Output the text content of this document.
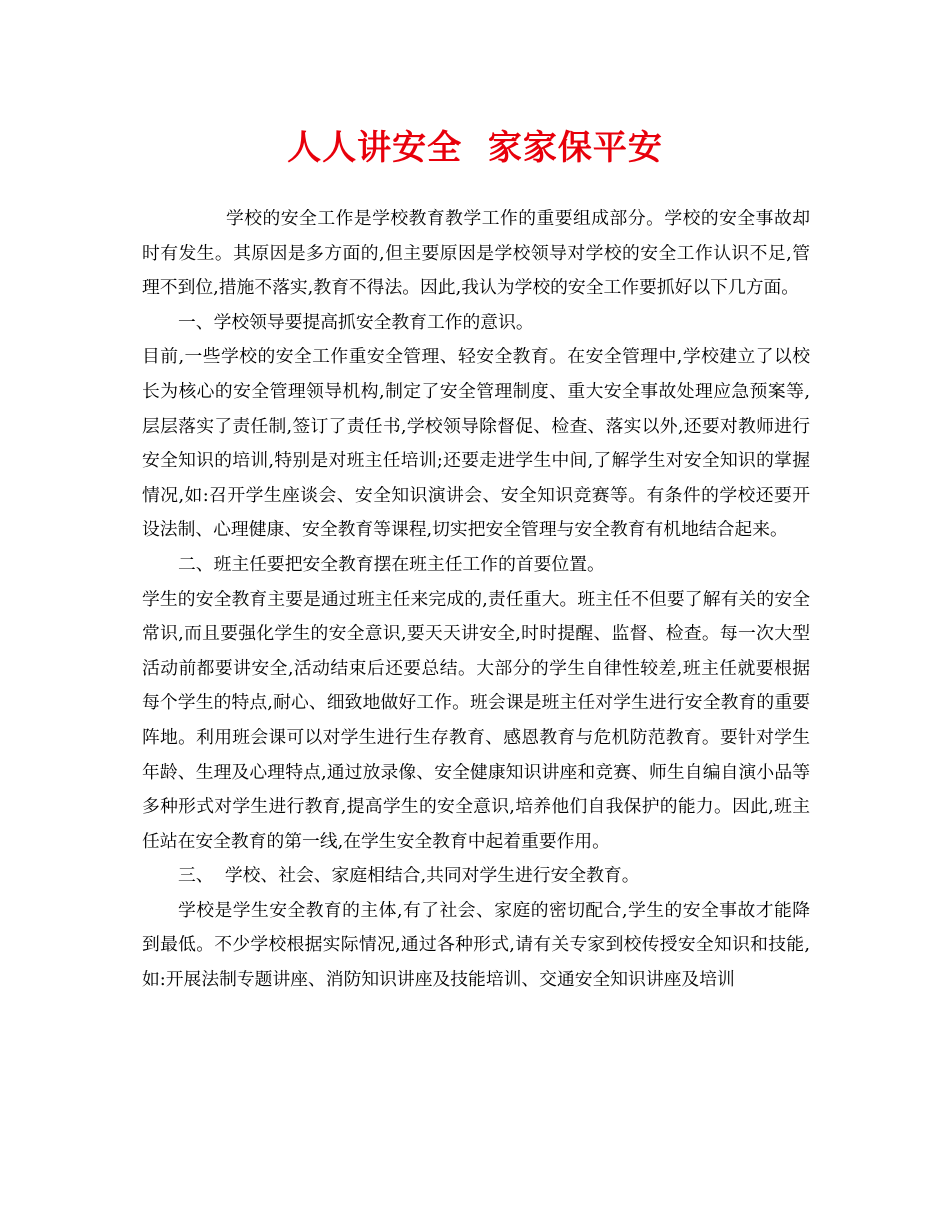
人人讲安全  家家保平安

学校的安全工作是学校教育教学工作的重要组成部分。学校的安全事故却时有发生。其原因是多方面的,但主要原因是学校领导对学校的安全工作认识不足,管理不到位,措施不落实,教育不得法。因此,我认为学校的安全工作要抓好以下几方面。

一、学校领导要提高抓安全教育工作的意识。

目前,一些学校的安全工作重安全管理、轻安全教育。在安全管理中,学校建立了以校长为核心的安全管理领导机构,制定了安全管理制度、重大安全事故处理应急预案等,层层落实了责任制,签订了责任书,学校领导除督促、检查、落实以外,还要对教师进行安全知识的培训,特别是对班主任培训;还要走进学生中间,了解学生对安全知识的掌握情况,如:召开学生座谈会、安全知识演讲会、安全知识竞赛等。有条件的学校还要开设法制、心理健康、安全教育等课程,切实把安全管理与安全教育有机地结合起来。

二、班主任要把安全教育摆在班主任工作的首要位置。

学生的安全教育主要是通过班主任来完成的,责任重大。班主任不但要了解有关的安全常识,而且要强化学生的安全意识,要天天讲安全,时时提醒、监督、检查。每一次大型活动前都要讲安全,活动结束后还要总结。大部分的学生自律性较差,班主任就要根据每个学生的特点,耐心、细致地做好工作。班会课是班主任对学生进行安全教育的重要阵地。利用班会课可以对学生进行生存教育、感恩教育与危机防范教育。要针对学生年龄、生理及心理特点,通过放录像、安全健康知识讲座和竞赛、师生自编自演小品等多种形式对学生进行教育,提高学生的安全意识,培养他们自我保护的能力。因此,班主任站在安全教育的第一线,在学生安全教育中起着重要作用。

三、  学校、社会、家庭相结合,共同对学生进行安全教育。

学校是学生安全教育的主体,有了社会、家庭的密切配合,学生的安全事故才能降到最低。不少学校根据实际情况,通过各种形式,请有关专家到校传授安全知识和技能,如:开展法制专题讲座、消防知识讲座及技能培训、交通安全知识讲座及培训
